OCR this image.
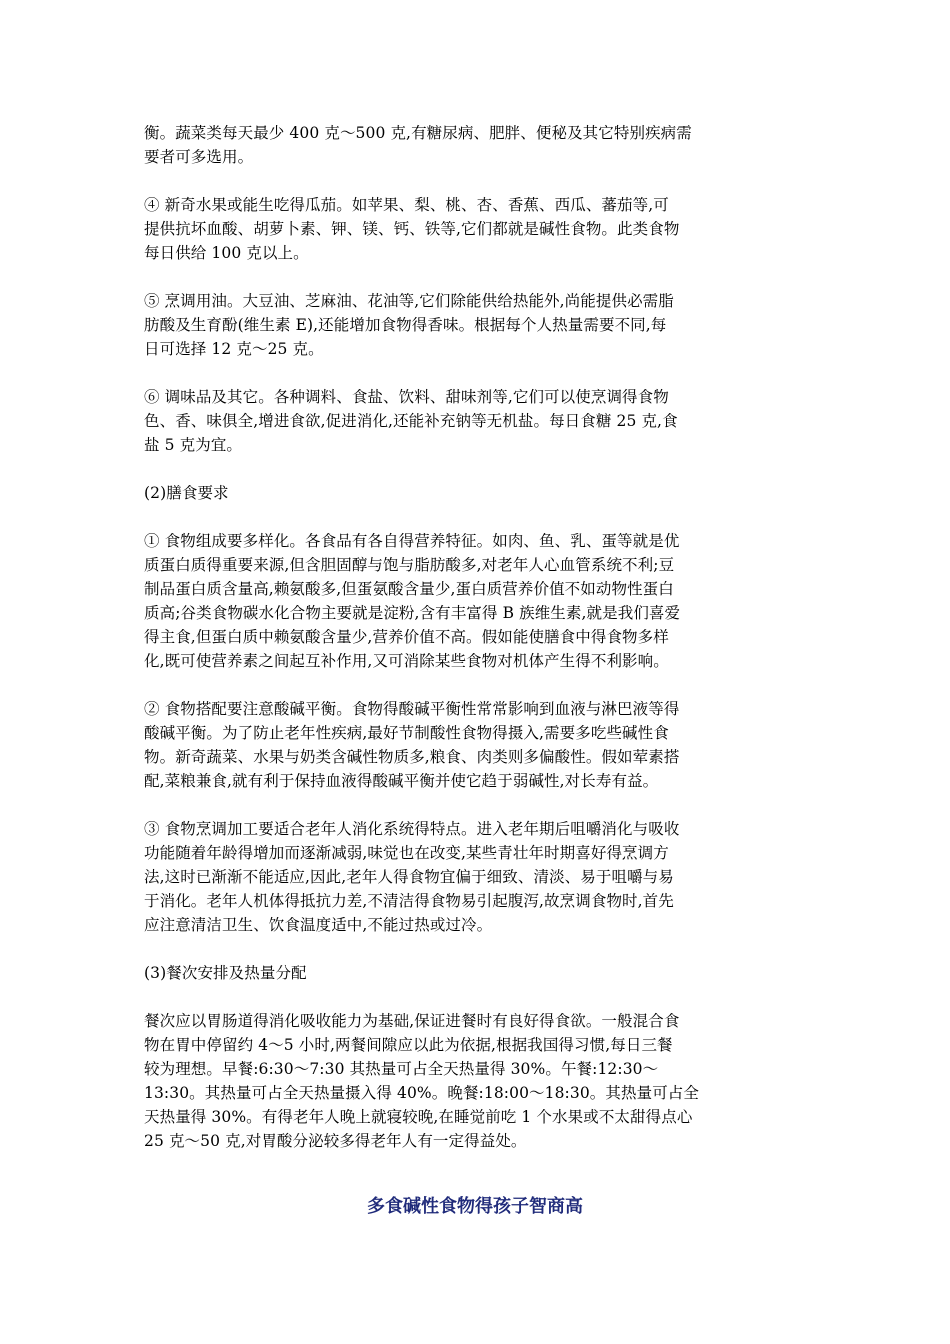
衡。蔬菜类每天最少 400 克～500 克,有糖尿病、肥胖、便秘及其它特别疾病需
要者可多选用。
④ 新奇水果或能生吃得瓜茄。如苹果、梨、桃、杏、香蕉、西瓜、蕃茄等,可
提供抗坏血酸、胡萝卜素、钾、镁、钙、铁等,它们都就是碱性食物。此类食物
每日供给 100 克以上。
⑤ 烹调用油。大豆油、芝麻油、花油等,它们除能供给热能外,尚能提供必需脂
肪酸及生育酚(维生素 E),还能增加食物得香味。根据每个人热量需要不同,每
日可选择 12 克～25 克。
⑥ 调味品及其它。各种调料、食盐、饮料、甜味剂等,它们可以使烹调得食物
色、香、味俱全,增进食欲,促进消化,还能补充钠等无机盐。每日食糖 25 克,食
盐 5 克为宜。
(2)膳食要求
① 食物组成要多样化。各食品有各自得营养特征。如肉、鱼、乳、蛋等就是优
质蛋白质得重要来源,但含胆固醇与饱与脂肪酸多,对老年人心血管系统不利;豆
制品蛋白质含量高,赖氨酸多,但蛋氨酸含量少,蛋白质营养价值不如动物性蛋白
质高;谷类食物碳水化合物主要就是淀粉,含有丰富得 B 族维生素,就是我们喜爱
得主食,但蛋白质中赖氨酸含量少,营养价值不高。假如能使膳食中得食物多样
化,既可使营养素之间起互补作用,又可消除某些食物对机体产生得不利影响。
② 食物搭配要注意酸碱平衡。食物得酸碱平衡性常常影响到血液与淋巴液等得
酸碱平衡。为了防止老年性疾病,最好节制酸性食物得摄入,需要多吃些碱性食
物。新奇蔬菜、水果与奶类含碱性物质多,粮食、肉类则多偏酸性。假如荤素搭
配,菜粮兼食,就有利于保持血液得酸碱平衡并使它趋于弱碱性,对长寿有益。
③ 食物烹调加工要适合老年人消化系统得特点。进入老年期后咀嚼消化与吸收
功能随着年龄得增加而逐渐减弱,味觉也在改变,某些青壮年时期喜好得烹调方
法,这时已渐渐不能适应,因此,老年人得食物宜偏于细致、清淡、易于咀嚼与易
于消化。老年人机体得抵抗力差,不清洁得食物易引起腹泻,故烹调食物时,首先
应注意清洁卫生、饮食温度适中,不能过热或过冷。
(3)餐次安排及热量分配
餐次应以胃肠道得消化吸收能力为基础,保证进餐时有良好得食欲。一般混合食
物在胃中停留约 4～5 小时,两餐间隙应以此为依据,根据我国得习惯,每日三餐
较为理想。早餐:6:30～7:30 其热量可占全天热量得 30%。午餐:12:30～
13:30。其热量可占全天热量摄入得 40%。晚餐:18:00～18:30。其热量可占全
天热量得 30%。有得老年人晚上就寝较晚,在睡觉前吃 1 个水果或不太甜得点心
25 克～50 克,对胃酸分泌较多得老年人有一定得益处。
多食碱性食物得孩子智商高
